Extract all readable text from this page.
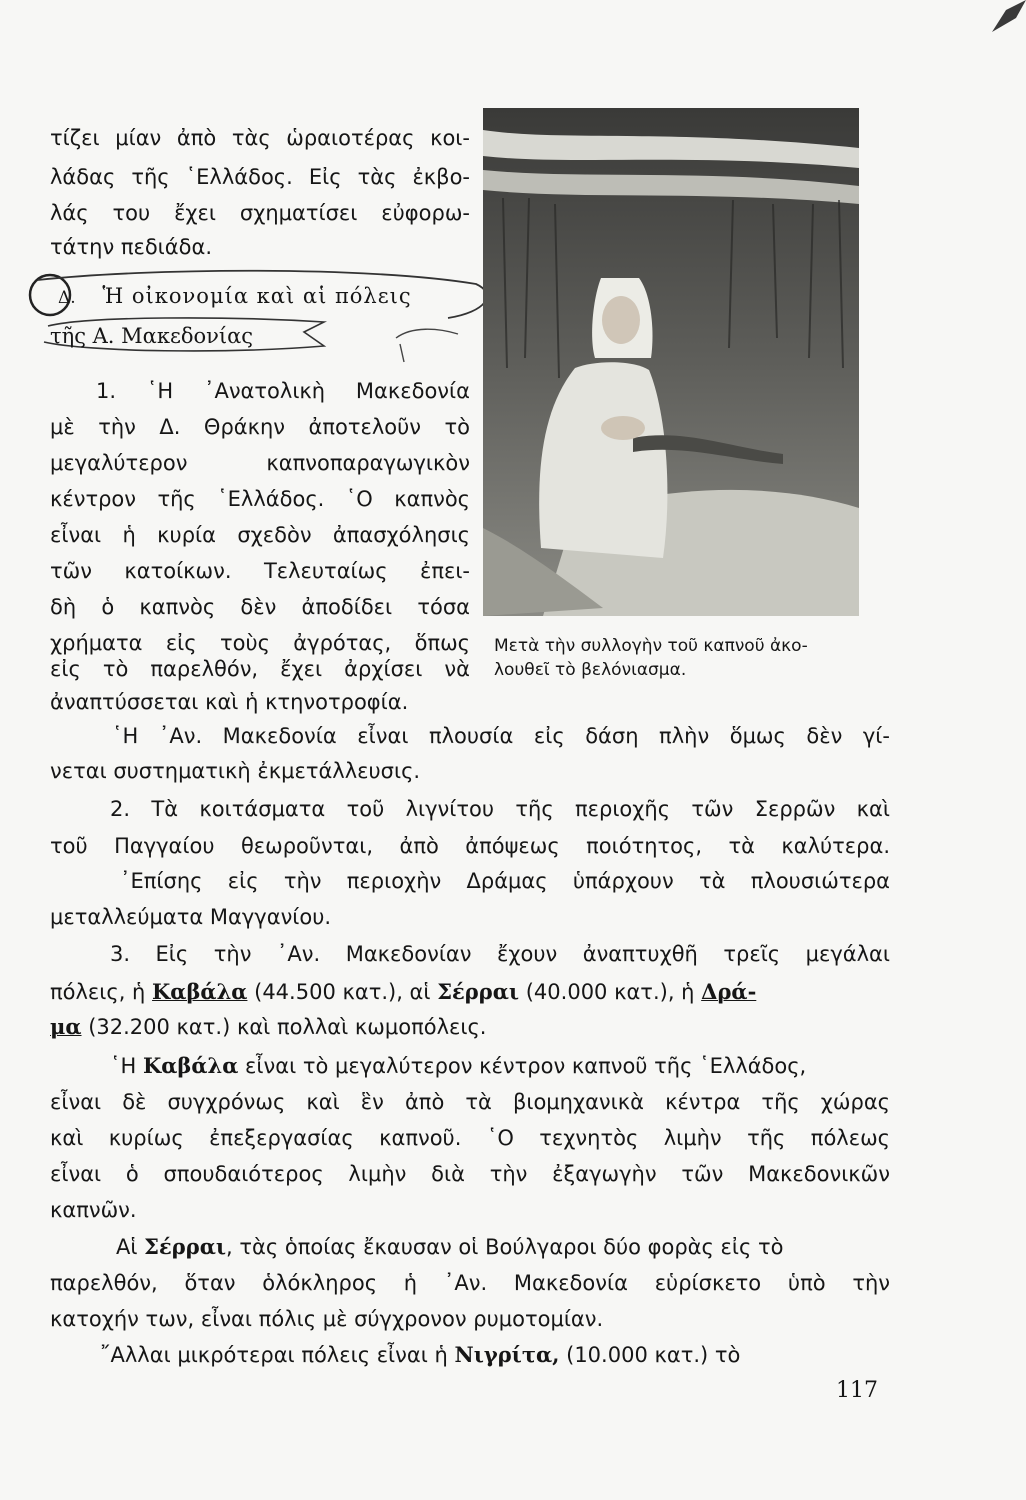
τίζει μίαν ἀπὸ τὰς ὡραιοτέρας κοι-
λάδας τῆς ῾Ελλάδος. Εἰς τὰς ἐκβο-
λάς του ἔχει σχηματίσει εὐφορω-
τάτην πεδιάδα.
Δ. Ἡ οἰκονομία καὶ αἱ πόλεις
τῆς Α. Μακεδονίας
1. ῾Η ᾿Ανατολικὴ Μακεδονία
μὲ τὴν Δ. Θράκην ἀποτελοῦν τὸ
μεγαλύτερον καπνοπαραγωγικὸν
κέντρον τῆς ῾Ελλάδος. ῾Ο καπνὸς
εἶναι ἡ κυρία σχεδὸν ἀπασχόλησις
τῶν κατοίκων. Τελευταίως ἐπει-
δὴ ὁ καπνὸς δὲν ἀποδίδει τόσα
χρήματα εἰς τοὺς ἀγρότας, ὅπως
εἰς τὸ παρελθόν, ἔχει ἀρχίσει νὰ
ἀναπτύσσεται καὶ ἡ κτηνοτροφία.
Μετὰ τὴν συλλογὴν τοῦ καπνοῦ ἀκο-
λουθεῖ τὸ βελόνιασμα.
῾Η ᾿Αν. Μακεδονία εἶναι πλουσία εἰς δάση πλὴν ὅμως δὲν γί-
νεται συστηματικὴ ἐκμετάλλευσις.
2. Τὰ κοιτάσματα τοῦ λιγνίτου τῆς περιοχῆς τῶν Σερρῶν καὶ
τοῦ Παγγαίου θεωροῦνται, ἀπὸ ἀπόψεως ποιότητος, τὰ καλύτερα.
᾿Επίσης εἰς τὴν περιοχὴν Δράμας ὑπάρχουν τὰ πλουσιώτερα
μεταλλεύματα Μαγγανίου.
3. Εἰς τὴν ᾿Αν. Μακεδονίαν ἔχουν ἀναπτυχθῆ τρεῖς μεγάλαι
πόλεις, ἡ Καβάλα (44.500 κατ.), αἱ Σέρραι (40.000 κατ.), ἡ Δρά-
μα (32.200 κατ.) καὶ πολλαὶ κωμοπόλεις.
῾Η Καβάλα εἶναι τὸ μεγαλύτερον κέντρον καπνοῦ τῆς ῾Ελλάδος,
εἶναι δὲ συγχρόνως καὶ ἓν ἀπὸ τὰ βιομηχανικὰ κέντρα τῆς χώρας
καὶ κυρίως ἐπεξεργασίας καπνοῦ. ῾Ο τεχνητὸς λιμὴν τῆς πόλεως
εἶναι ὁ σπουδαιότερος λιμὴν διὰ τὴν ἐξαγωγὴν τῶν Μακεδονικῶν
καπνῶν.
Αἱ Σέρραι, τὰς ὁποίας ἔκαυσαν οἱ Βούλγαροι δύο φορὰς εἰς τὸ
παρελθόν, ὅταν ὁλόκληρος ἡ ᾿Αν. Μακεδονία εὑρίσκετο ὑπὸ τὴν
κατοχήν των, εἶναι πόλις μὲ σύγχρονον ρυμοτομίαν.
῎Αλλαι μικρότεραι πόλεις εἶναι ἡ Νιγρίτα, (10.000 κατ.) τὸ
117
